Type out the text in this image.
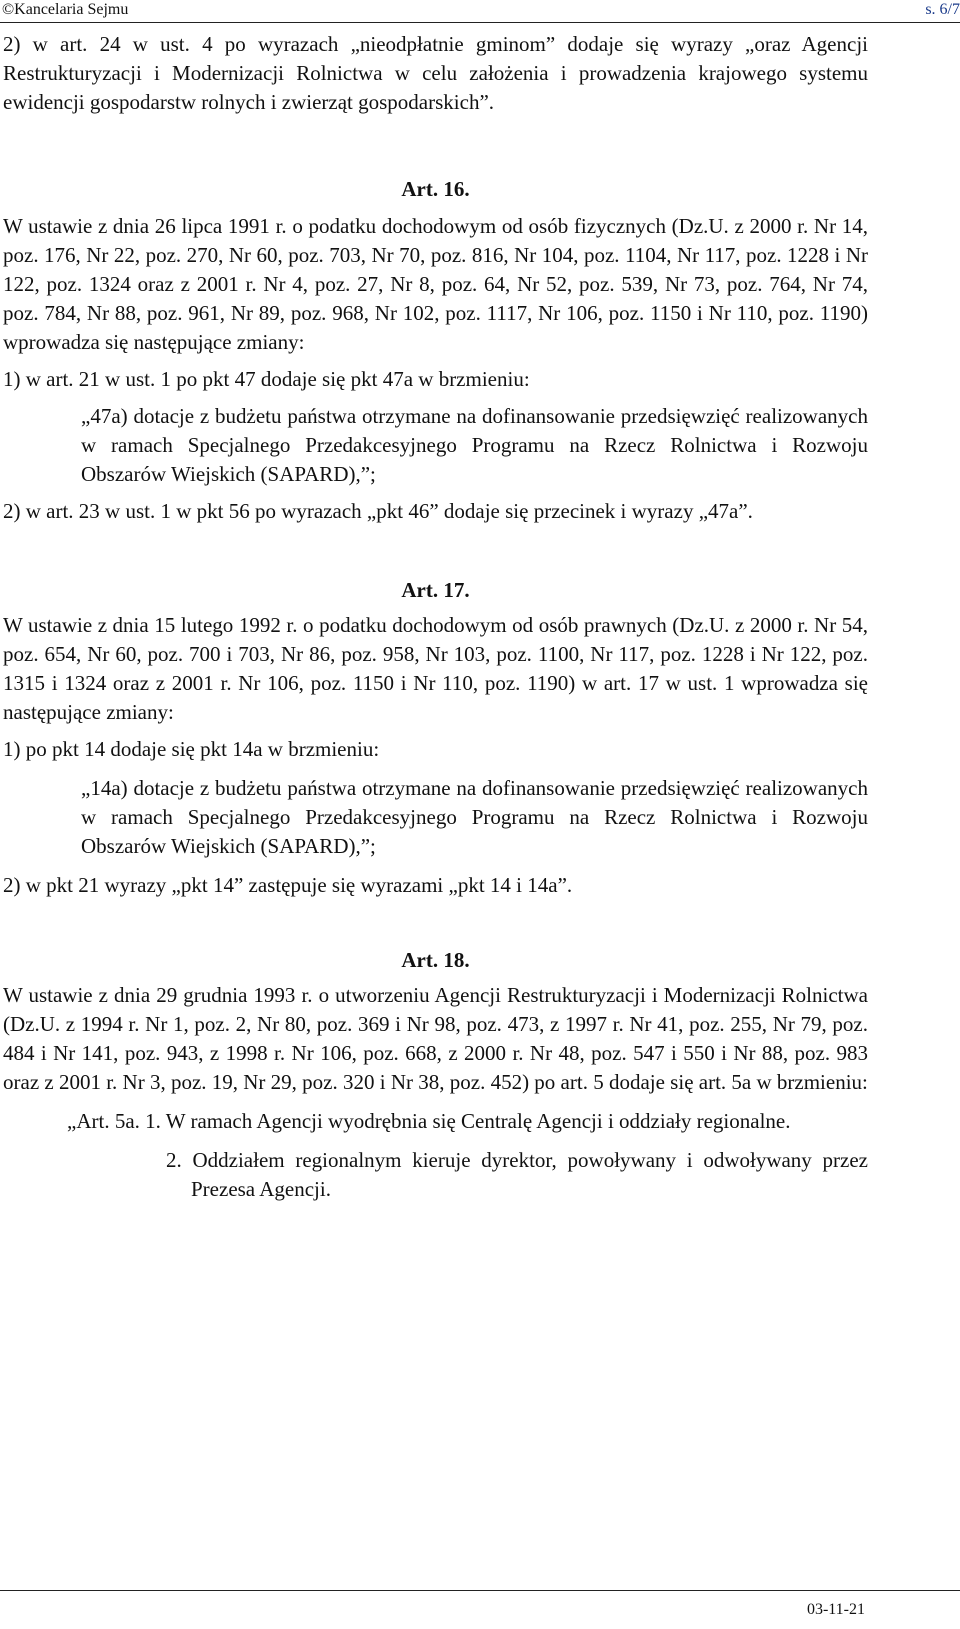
©Kancelaria Sejmu	s. 6/7

2) w art. 24 w ust. 4 po wyrazach „nieodpłatnie gminom” dodaje się wyrazy „oraz Agencji Restrukturyzacji i Modernizacji Rolnictwa w celu założenia i prowadzenia krajowego systemu ewidencji gospodarstw rolnych i zwierząt gospodarskich”.

Art. 16.

W ustawie z dnia 26 lipca 1991 r. o podatku dochodowym od osób fizycznych (Dz.U. z 2000 r. Nr 14, poz. 176, Nr 22, poz. 270, Nr 60, poz. 703, Nr 70, poz. 816, Nr 104, poz. 1104, Nr 117, poz. 1228 i Nr 122, poz. 1324 oraz z 2001 r. Nr 4, poz. 27, Nr 8, poz. 64, Nr 52, poz. 539, Nr 73, poz. 764, Nr 74, poz. 784, Nr 88, poz. 961, Nr 89, poz. 968, Nr 102, poz. 1117, Nr 106, poz. 1150 i Nr 110, poz. 1190) wprowadza się następujące zmiany:

1) w art. 21 w ust. 1 po pkt 47 dodaje się pkt 47a w brzmieniu:

„47a) dotacje z budżetu państwa otrzymane na dofinansowanie przedsięwzięć realizowanych w ramach Specjalnego Przedakcesyjnego Programu na Rzecz Rolnictwa i Rozwoju Obszarów Wiejskich (SAPARD),”;

2) w art. 23 w ust. 1 w pkt 56 po wyrazach „pkt 46” dodaje się przecinek i wyrazy „47a”.

Art. 17.

W ustawie z dnia 15 lutego 1992 r. o podatku dochodowym od osób prawnych (Dz.U. z 2000 r. Nr 54, poz. 654, Nr 60, poz. 700 i 703, Nr 86, poz. 958, Nr 103, poz. 1100, Nr 117, poz. 1228 i Nr 122, poz. 1315 i 1324 oraz z 2001 r. Nr 106, poz. 1150 i Nr 110, poz. 1190) w art. 17 w ust. 1 wprowadza się następujące zmiany:

1) po pkt 14 dodaje się pkt 14a w brzmieniu:

„14a) dotacje z budżetu państwa otrzymane na dofinansowanie przedsięwzięć realizowanych w ramach Specjalnego Przedakcesyjnego Programu na Rzecz Rolnictwa i Rozwoju Obszarów Wiejskich (SAPARD),”;

2) w pkt 21 wyrazy „pkt 14” zastępuje się wyrazami „pkt 14 i 14a”.

Art. 18.

W ustawie z dnia 29 grudnia 1993 r. o utworzeniu Agencji Restrukturyzacji i Modernizacji Rolnictwa (Dz.U. z 1994 r. Nr 1, poz. 2, Nr 80, poz. 369 i Nr 98, poz. 473, z 1997 r. Nr 41, poz. 255, Nr 79, poz. 484 i Nr 141, poz. 943, z 1998 r. Nr 106, poz. 668, z 2000 r. Nr 48, poz. 547 i 550 i Nr 88, poz. 983 oraz z 2001 r. Nr 3, poz. 19, Nr 29, poz. 320 i Nr 38, poz. 452) po art. 5 dodaje się art. 5a w brzmieniu:

„Art. 5a. 1. W ramach Agencji wyodrębnia się Centralę Agencji i oddziały regionalne.

2. Oddziałem regionalnym kieruje dyrektor, powoływany i odwoływany przez Prezesa Agencji.

03-11-21
